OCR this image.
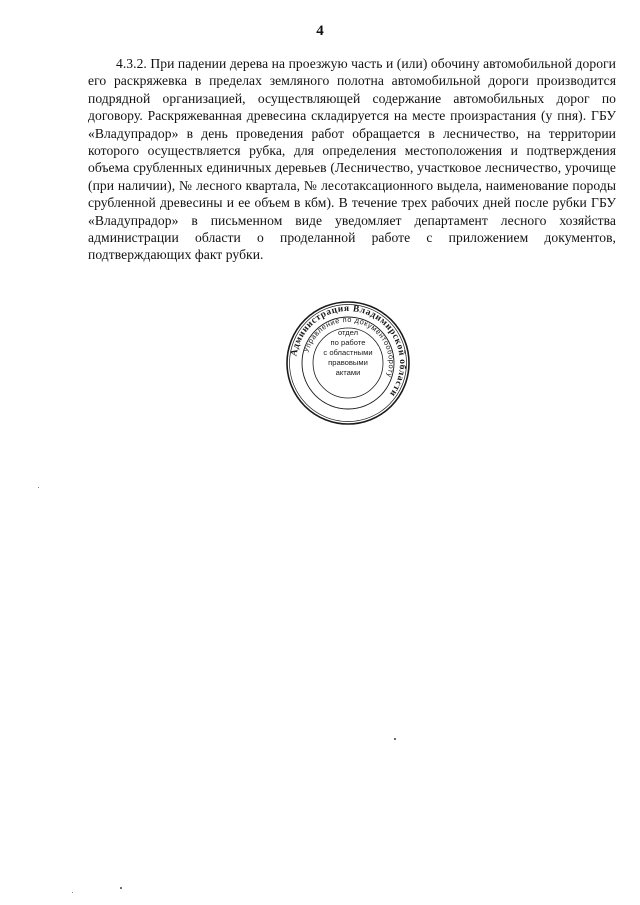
4

4.3.2. При падении дерева на проезжую часть и (или) обочину автомобильной дороги его раскряжевка в пределах земляного полотна автомобильной дороги производится подрядной организацией, осуществляющей содержание автомобильных дорог по договору. Раскряжеванная древесина складируется на месте произрастания (у пня). ГБУ «Владупрадор» в день проведения работ обращается в лесничество, на территории которого осуществляется рубка, для определения местоположения и подтверждения объема срубленных единичных деревьев (Лесничество, участковое лесничество, урочище (при наличии), № лесного квартала, № лесотаксационного выдела, наименование породы срубленной древесины и ее объем в кбм). В течение трех рабочих дней после рубки ГБУ «Владупрадор» в письменном виде уведомляет департамент лесного хозяйства администрации области о проделанной работе с приложением документов, подтверждающих факт рубки.

Администрация Владимирской области
Управление по документообороту
отдел
по работе
с областными
правовыми
актами
